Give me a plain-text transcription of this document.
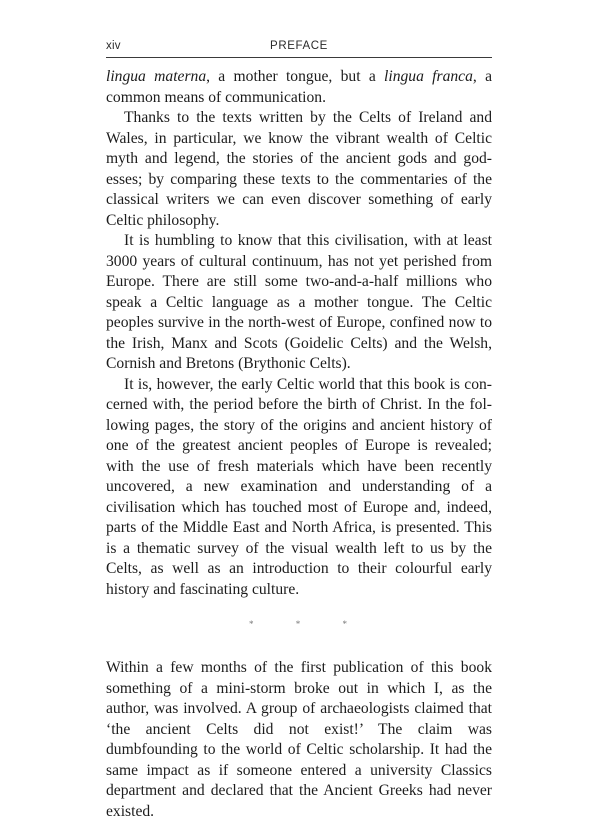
xiv	PREFACE

lingua materna, a mother tongue, but a lingua franca, a common means of communication.

Thanks to the texts written by the Celts of Ireland and Wales, in particular, we know the vibrant wealth of Celtic myth and legend, the stories of the ancient gods and godesses; by comparing these texts to the commentaries of the classical writers we can even discover something of early Celtic philosophy.

It is humbling to know that this civilisation, with at least 3000 years of cultural continuum, has not yet perished from Europe. There are still some two-and-a-half millions who speak a Celtic language as a mother tongue. The Celtic peoples survive in the north-west of Europe, confined now to the Irish, Manx and Scots (Goidelic Celts) and the Welsh, Cornish and Bretons (Brythonic Celts).

It is, however, the early Celtic world that this book is concerned with, the period before the birth of Christ. In the following pages, the story of the origins and ancient history of one of the greatest ancient peoples of Europe is revealed; with the use of fresh materials which have been recently uncovered, a new examination and understanding of a civilisation which has touched most of Europe and, indeed, parts of the Middle East and North Africa, is presented. This is a thematic survey of the visual wealth left to us by the Celts, as well as an introduction to their colourful early history and fascinating culture.

* * *

Within a few months of the first publication of this book something of a mini-storm broke out in which I, as the author, was involved. A group of archaeologists claimed that ‘the ancient Celts did not exist!’ The claim was dumbfounding to the world of Celtic scholarship. It had the same impact as if someone entered a university Classics department and declared that the Ancient Greeks had never existed.
